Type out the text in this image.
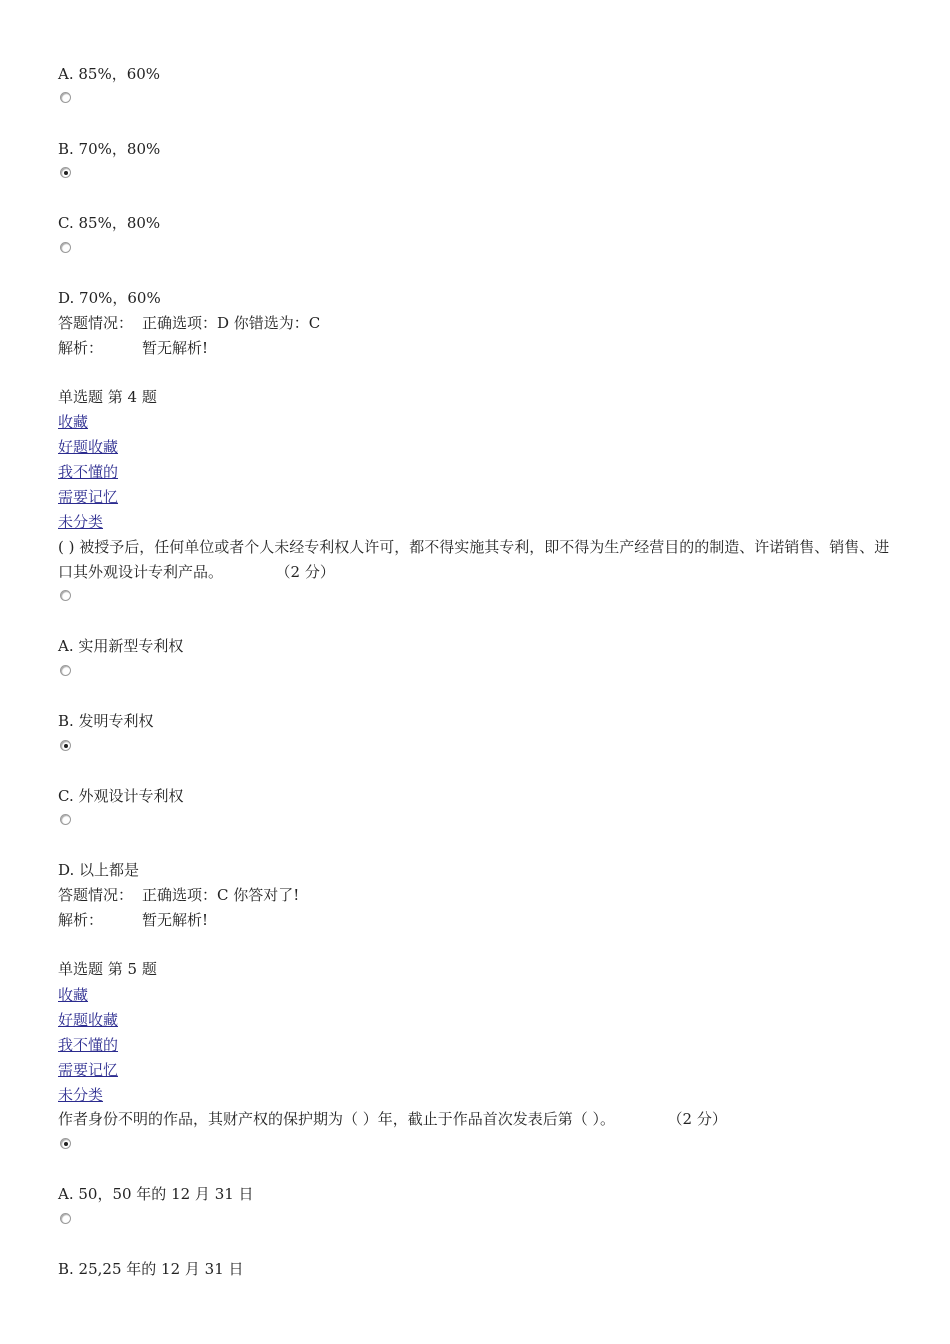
A. 85%，60%
B. 70%，80%
C. 85%，80%
D. 70%，60%
答题情况： 正确选项：D 你错选为：C
解析：	暂无解析!
单选题 第 4 题
收藏
好题收藏
我不懂的
需要记忆
未分类
( ) 被授予后，任何单位或者个人未经专利权人许可，都不得实施其专利，即不得为生产经营目的的制造、许诺销售、销售、进口其外观设计专利产品。	（2 分）
A. 实用新型专利权
B. 发明专利权
C. 外观设计专利权
D. 以上都是
答题情况： 正确选项：C 你答对了!
解析：	暂无解析!
单选题 第 5 题
收藏
好题收藏
我不懂的
需要记忆
未分类
作者身份不明的作品，其财产权的保护期为（ ）年，截止于作品首次发表后第（ ）。	（2 分）
A. 50，50 年的 12 月 31 日
B. 25,25 年的 12 月 31 日
